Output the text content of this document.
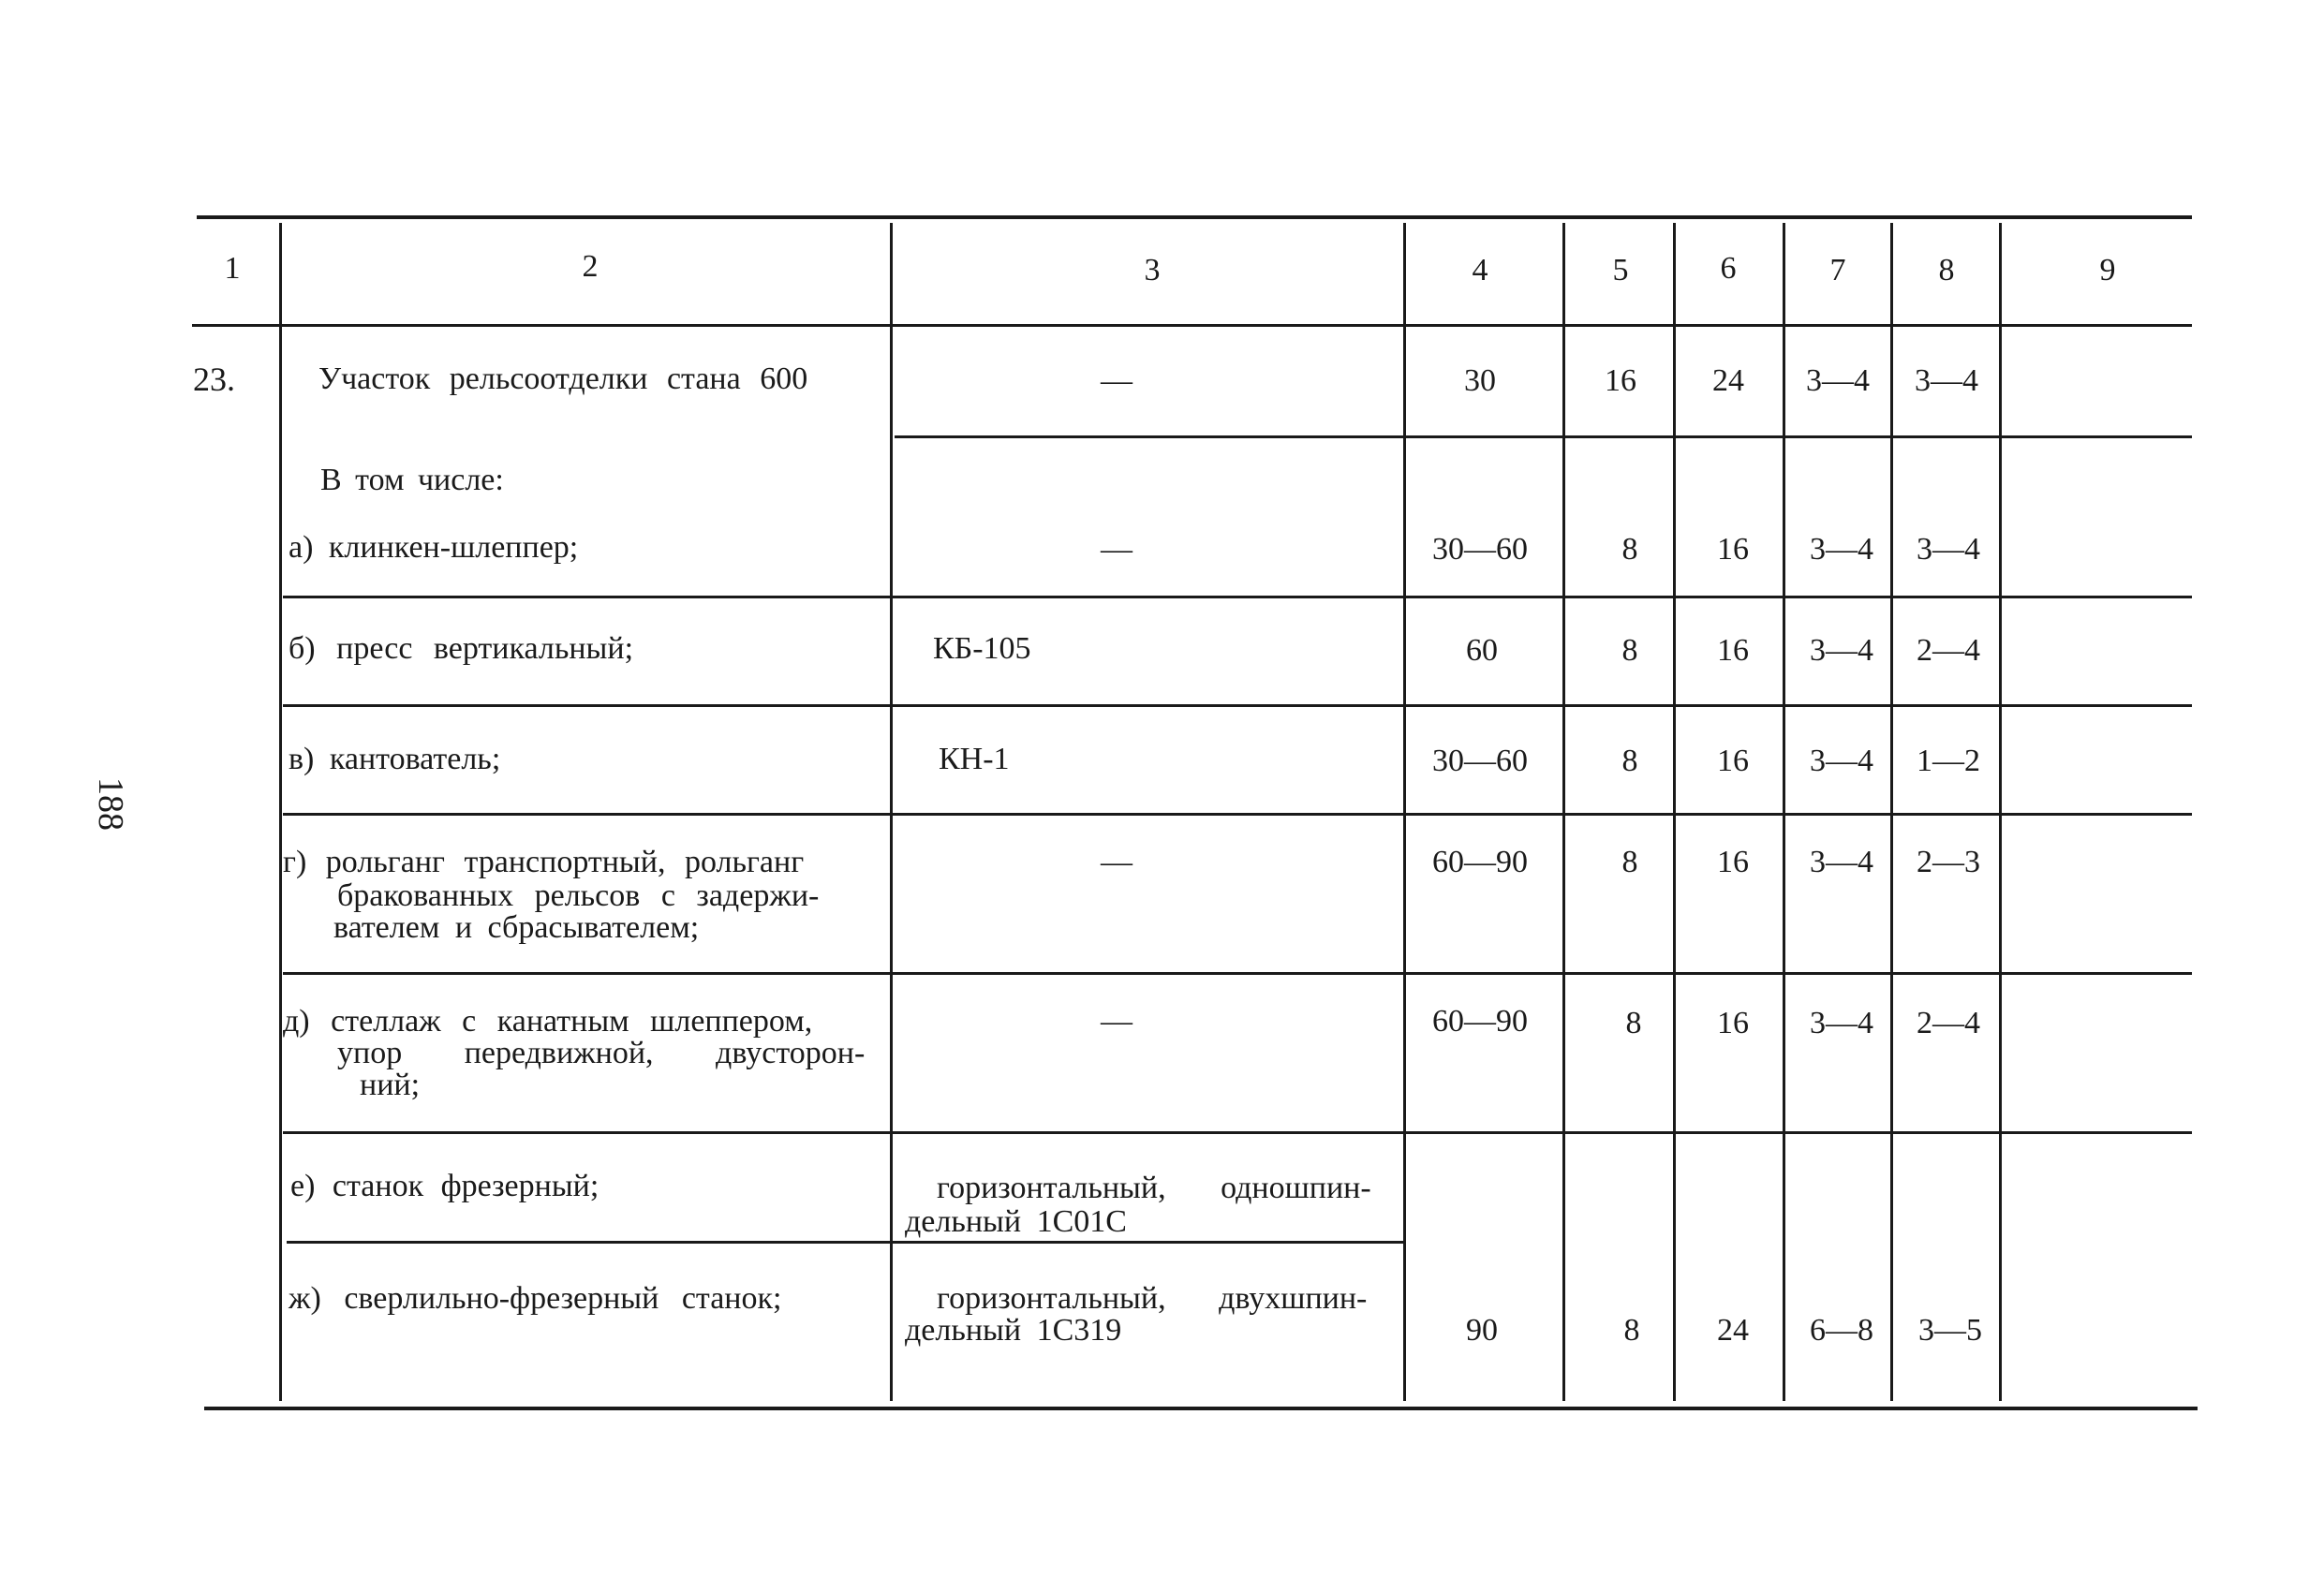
188
1	2	3	4	5	6	7	8	9
23.	Участок рельсоотделки стана 600	—	30	16 24 3—4 3—4
В том числе:
а) клинкен-шлеппер;	—	30—60	8 16 3—4 3—4
б) пресс вертикальный;	КБ-105	60	8 16 3—4 2—4
в) кантователь;	КН-1	30—60	8 16 3—4 1—2
г) рольганг транспортный, рольганг
бракованных рельсов с задержи-
вателем и сбрасывателем;
—	60—90	8 16 3—4 2—3
д) стеллаж с канатным шлеппером,
упор передвижной, двусторон-
ний;
—	60—90	8 16 3—4 2—4
е) станок фрезерный;	горизонтальный, одношпин-
дельный 1С01С
ж) сверлильно-фрезерный станок;	горизонтальный, двухшпин-
дельный 1С319	90	8 24 6—8 3—5
